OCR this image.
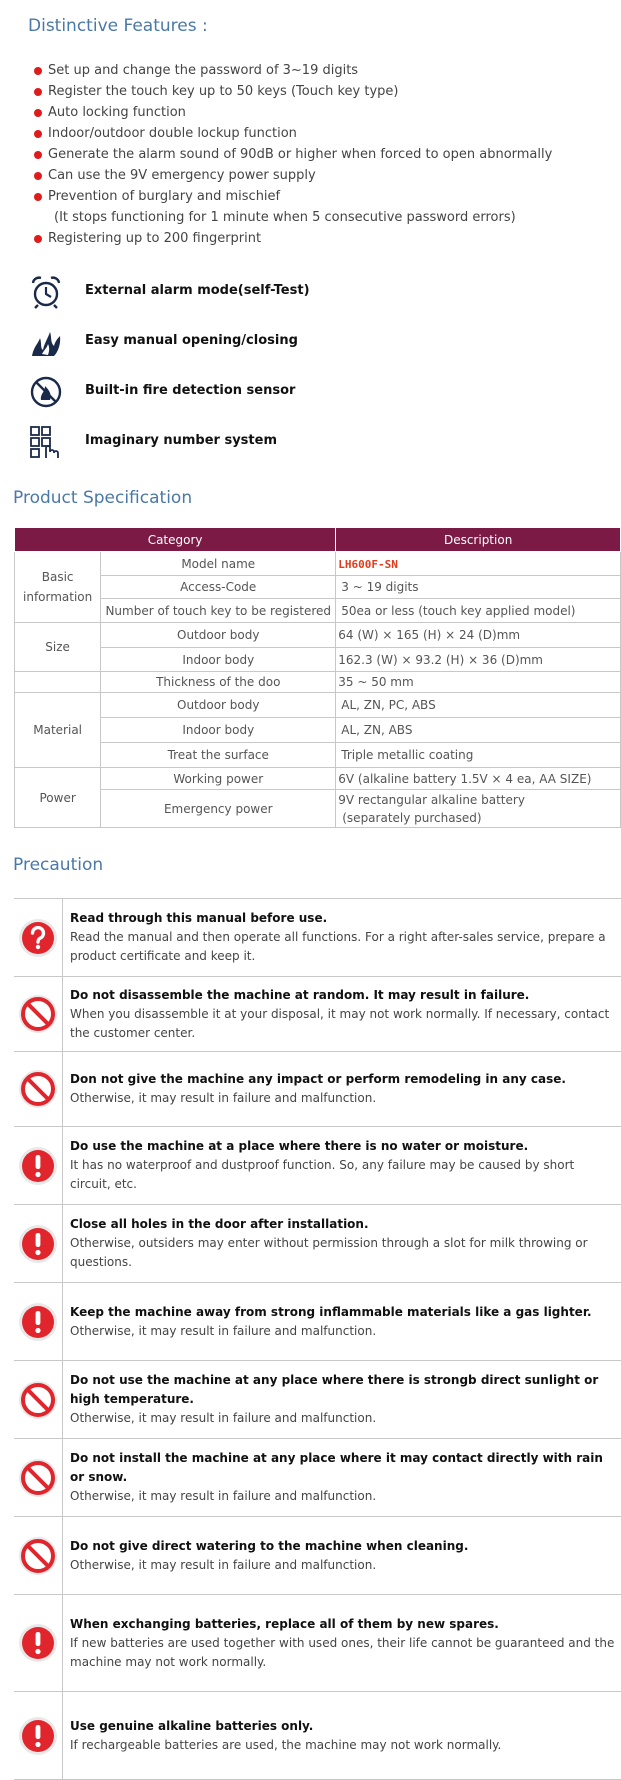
Distinctive Features :
Set up and change the password of 3~19 digits
Register the touch key up to 50 keys (Touch key type)
Auto locking function
Indoor/outdoor double lockup function
Generate the alarm sound of 90dB or higher when forced to open abnormally
Can use the 9V emergency power supply
Prevention of burglary and mischief
(It stops functioning for 1 minute when 5 consecutive password errors)
Registering up to 200 fingerprint
External alarm mode(self-Test)
Easy manual opening/closing
Built-in fire detection sensor
Imaginary number system
Product Specification
Category		Description
Basic information	Model name	LH600F-SN
	Access-Code	3 ~ 19 digits
	Number of touch key to be registered	50ea or less (touch key applied model)
Size	Outdoor body	64 (W) × 165 (H) × 24 (D)mm
	Indoor body	162.3 (W) × 93.2 (H) × 36 (D)mm
	Thickness of the doo	35 ~ 50 mm
Material	Outdoor body	AL, ZN, PC, ABS
	Indoor body	AL, ZN, ABS
	Treat the surface	Triple metallic coating
Power	Working power	6V (alkaline battery 1.5V × 4 ea, AA SIZE)
	Emergency power	9V rectangular alkaline battery
(separately purchased)
Precaution
Read through this manual before use.
Read the manual and then operate all functions. For a right after-sales service, prepare a product certificate and keep it.
Do not disassemble the machine at random. It may result in failure.
When you disassemble it at your disposal, it may not work normally. If necessary, contact the customer center.
Don not give the machine any impact or perform remodeling in any case.
Otherwise, it may result in failure and malfunction.
Do use the machine at a place where there is no water or moisture.
It has no waterproof and dustproof function. So, any failure may be caused by short circuit, etc.
Close all holes in the door after installation.
Otherwise, outsiders may enter without permission through a slot for milk throwing or questions.
Keep the machine away from strong inflammable materials like a gas lighter.
Otherwise, it may result in failure and malfunction.
Do not use the machine at any place where there is strongb direct sunlight or high temperature.
Otherwise, it may result in failure and malfunction.
Do not install the machine at any place where it may contact directly with rain or snow.
Otherwise, it may result in failure and malfunction.
Do not give direct watering to the machine when cleaning.
Otherwise, it may result in failure and malfunction.
When exchanging batteries, replace all of them by new spares.
If new batteries are used together with used ones, their life cannot be guaranteed and the machine may not work normally.
Use genuine alkaline batteries only.
If rechargeable batteries are used, the machine may not work normally.
